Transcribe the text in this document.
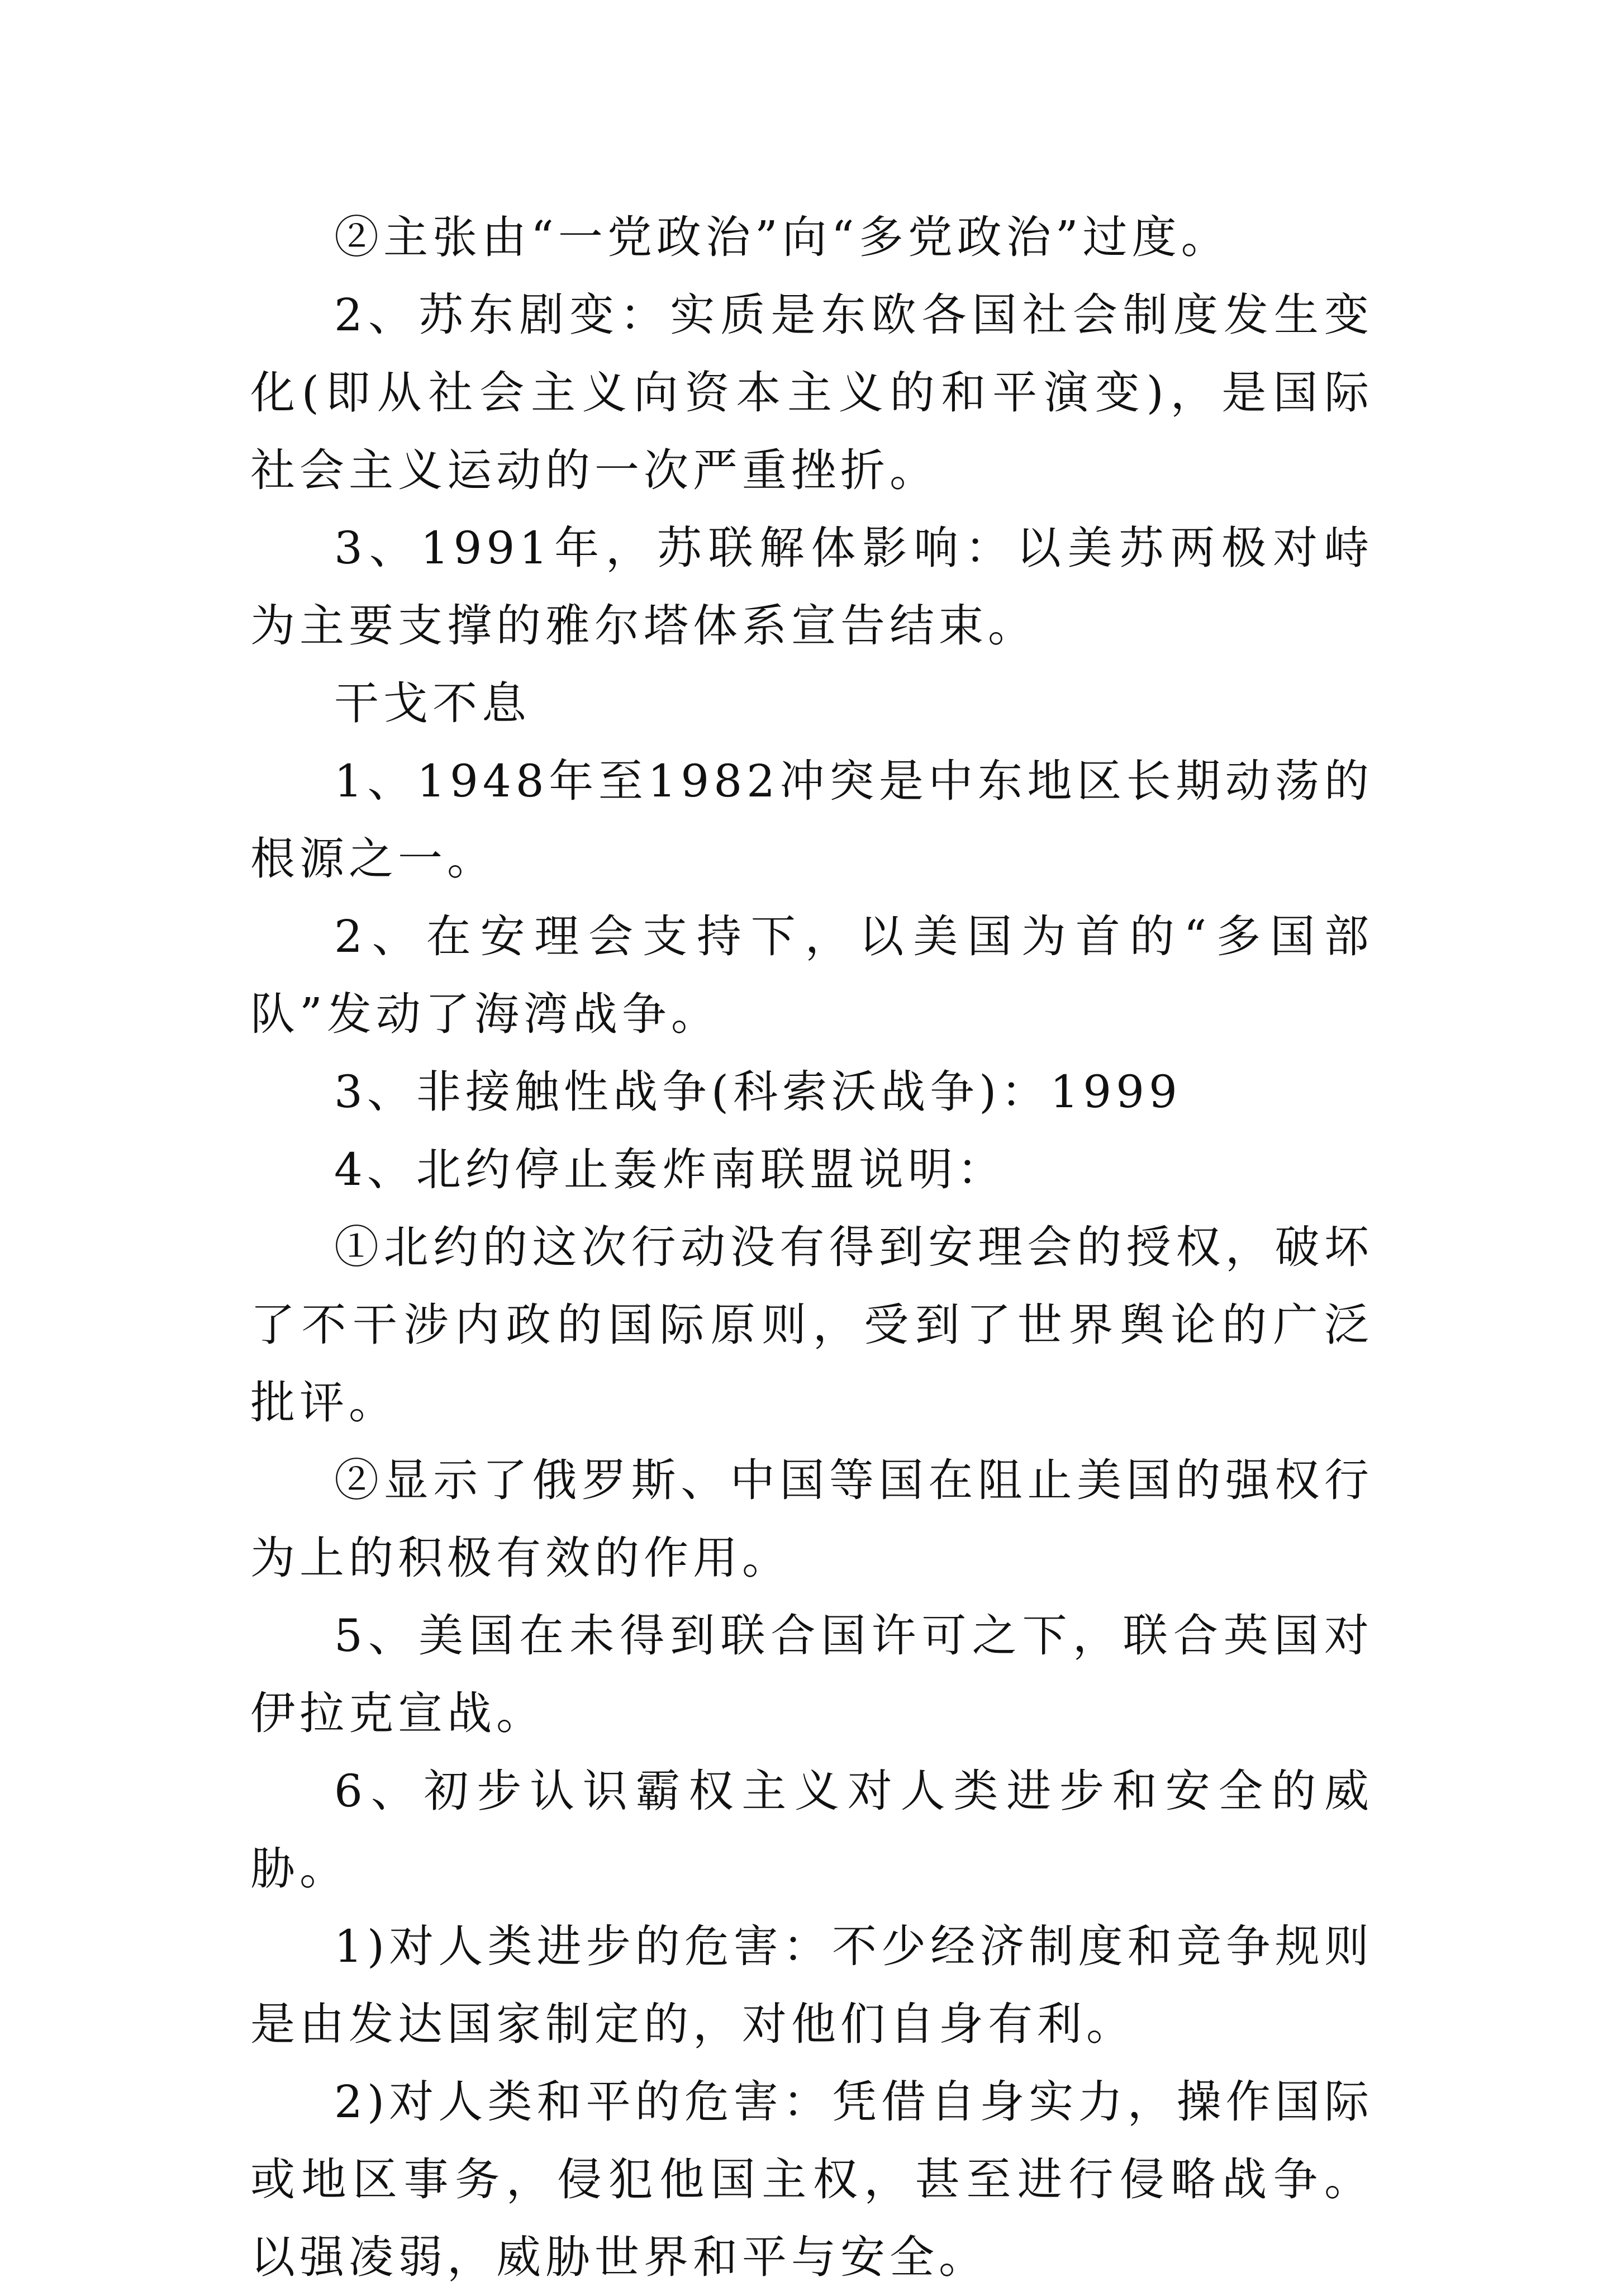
②主张由“一党政治”向“多党政治”过度。

2、苏东剧变：实质是东欧各国社会制度发生变化(即从社会主义向资本主义的和平演变)，是国际社会主义运动的一次严重挫折。

3、1991年，苏联解体影响：以美苏两极对峙为主要支撑的雅尔塔体系宣告结束。

干戈不息

1、1948年至1982冲突是中东地区长期动荡的根源之一。

2、在安理会支持下，以美国为首的“多国部队”发动了海湾战争。

3、非接触性战争(科索沃战争)：1999

4、北约停止轰炸南联盟说明：

①北约的这次行动没有得到安理会的授权，破坏了不干涉内政的国际原则，受到了世界舆论的广泛批评。

②显示了俄罗斯、中国等国在阻止美国的强权行为上的积极有效的作用。

5、美国在未得到联合国许可之下，联合英国对伊拉克宣战。

6、初步认识霸权主义对人类进步和安全的威胁。

1)对人类进步的危害：不少经济制度和竞争规则是由发达国家制定的，对他们自身有利。

2)对人类和平的危害：凭借自身实力，操作国际或地区事务，侵犯他国主权，甚至进行侵略战争。以强凌弱，威胁世界和平与安全。
